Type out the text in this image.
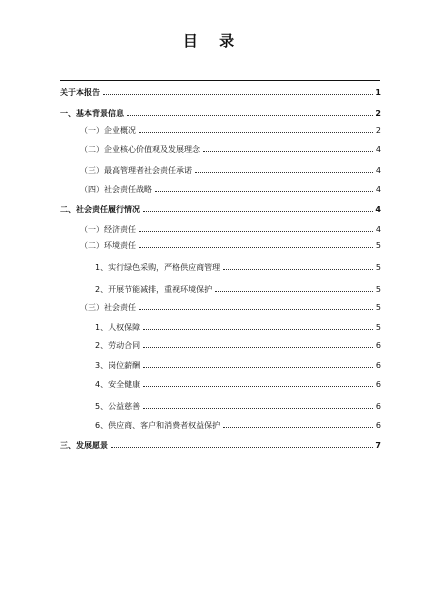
目 录
关于本报告	1
一、基本背景信息	2
（一）企业概况	2
（二）企业核心价值观及发展理念	4
（三）最高管理者社会责任承诺	4
（四）社会责任战略	4
二、社会责任履行情况	4
（一）经济责任	4
（二）环境责任	5
1、实行绿色采购，严格供应商管理	5
2、开展节能减排，重视环境保护	5
（三）社会责任	5
1、人权保障	5
2、劳动合同	6
3、岗位薪酬	6
4、安全健康	6
5、公益慈善	6
6、供应商、客户和消费者权益保护	6
三、发展愿景	7
